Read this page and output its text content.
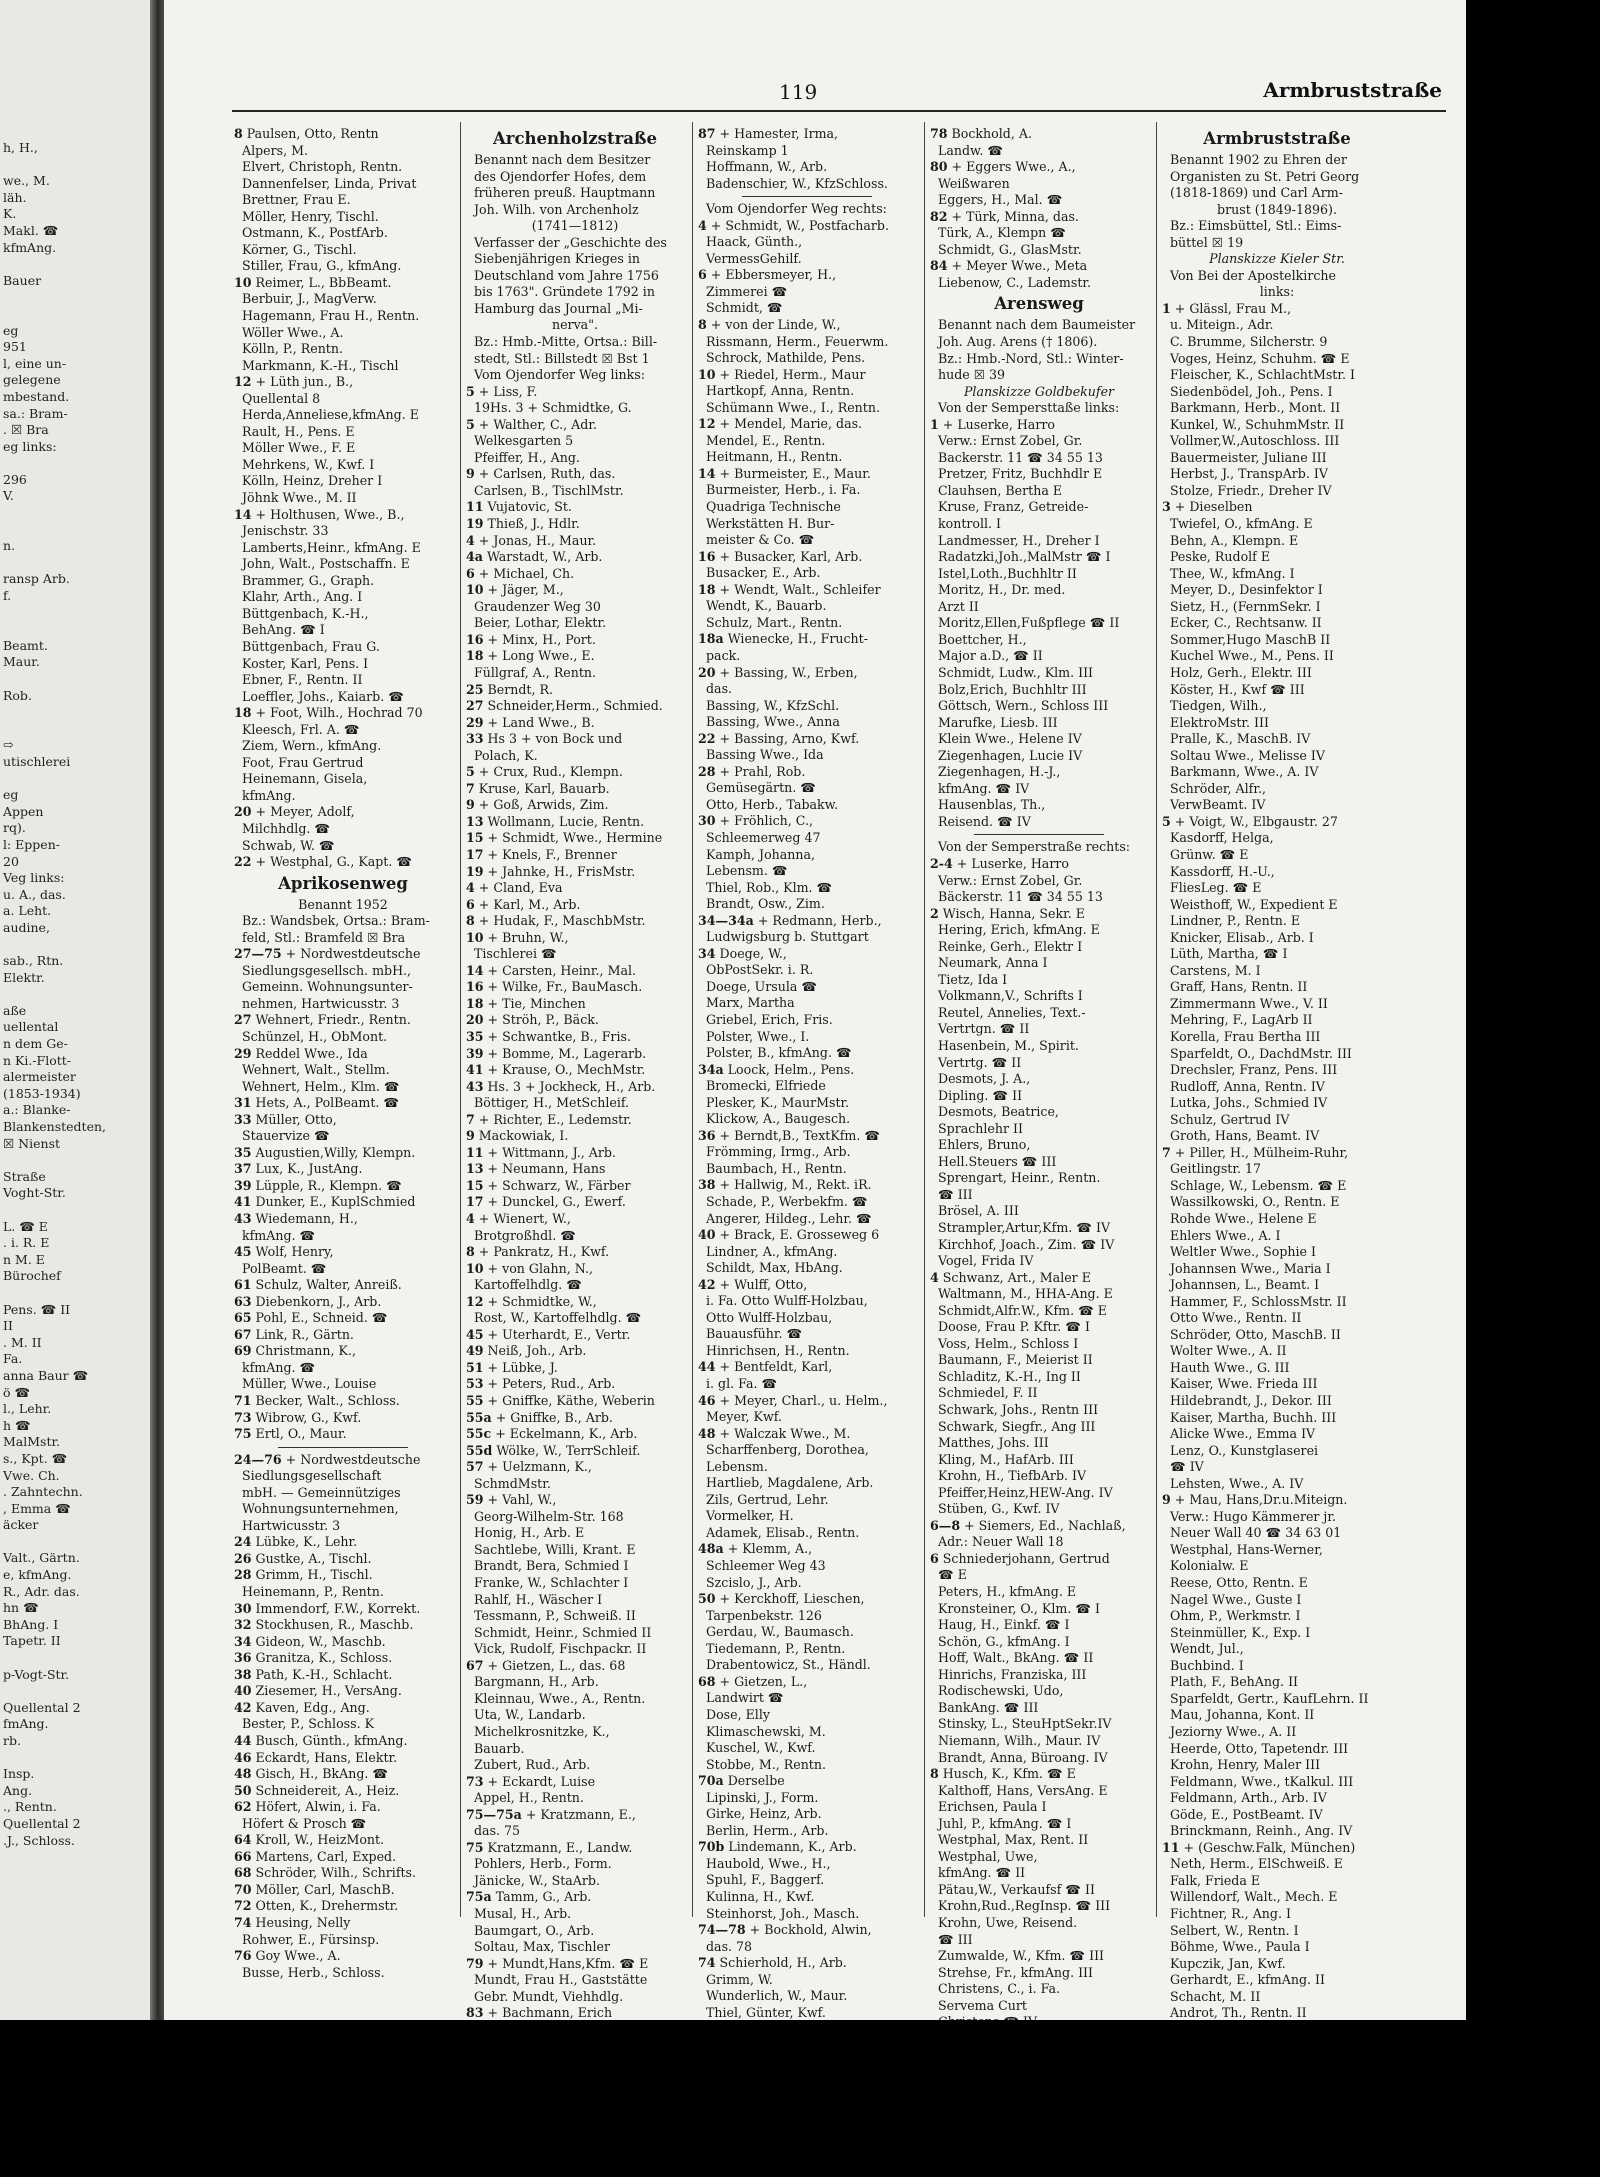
h, H.,

we., M.
läh.
K.
Makl. ☎
kfmAng.

Bauer

eg
951
l, eine un-
gelegene
mbestand.
sa.: Bram-
. ☒ Bra
eg links:

296
V.

n.

ransp Arb.
f.

Beamt.
Maur.

Rob.

⇨
utischlerei

eg
Appen
rq).
l: Eppen-
20
Veg links:
u. A., das.
a. Leht.
audine,

sab., Rtn.
Elektr.

aße
uellental
n dem Ge-
n Ki.-Flott-
alermeister
(1853-1934)
a.: Blanke-
Blankenstedten,
☒ Nienst

Straße
Voght-Str.

L. ☎ E
. i. R. E
n M. E
Bürochef

Pens. ☎ II
II
. M. II
Fa.
anna Baur ☎
ö ☎
l., Lehr.
h ☎
MalMstr.
s., Kpt. ☎
Vwe. Ch.
. Zahntechn.
, Emma ☎
äcker

Valt., Gärtn.
e, kfmAng.
R., Adr. das.
hn ☎
BhAng. I
Tapetr. II

p-Vogt-Str.

Quellental 2
fmAng.
rb.

Insp.
Ang.
., Rentn.
Quellental 2
.J., Schloss.
119	Armbruststraße
8 Paulsen, Otto, Rentn
Alpers, M.
Elvert, Christoph, Rentn.
Dannenfelser, Linda, Privat
Brettner, Frau E.
Möller, Henry, Tischl.
Ostmann, K., PostfArb.
Körner, G., Tischl.
Stiller, Frau, G., kfmAng.
10 Reimer, L., BbBeamt.
Berbuir, J., MagVerw.
Hagemann, Frau H., Rentn.
Wöller Wwe., A.
Kölln, P., Rentn.
Markmann, K.-H., Tischl
12 + Lüth jun., B.,
Quellental 8
Herda,Anneliese,kfmAng. E
Rault, H., Pens. E
Möller Wwe., F. E
Mehrkens, W., Kwf. I
Kölln, Heinz, Dreher I
Jöhnk Wwe., M. II
14 + Holthusen, Wwe., B.,
Jenischstr. 33
Lamberts,Heinr., kfmAng. E
John, Walt., Postschaffn. E
Brammer, G., Graph.
Klahr, Arth., Ang. I
Büttgenbach, K.-H.,
BehAng. ☎ I
Büttgenbach, Frau G.
Koster, Karl, Pens. I
Ebner, F., Rentn. II
Loeffler, Johs., Kaiarb. ☎
18 + Foot, Wilh., Hochrad 70
Kleesch, Frl. A. ☎
Ziem, Wern., kfmAng.
Foot, Frau Gertrud
Heinemann, Gisela,
kfmAng.
20 + Meyer, Adolf,
Milchhdlg. ☎
Schwab, W. ☎
22 + Westphal, G., Kapt. ☎
Aprikosenweg
Benannt 1952
Bz.: Wandsbek, Ortsa.: Bram-
feld, Stl.: Bramfeld ☒ Bra
27—75 + Nordwestdeutsche
Siedlungsgesellsch. mbH.,
Gemeinn. Wohnungsunter-
nehmen, Hartwicusstr. 3
27 Wehnert, Friedr., Rentn.
Schünzel, H., ObMont.
29 Reddel Wwe., Ida
Wehnert, Walt., Stellm.
Wehnert, Helm., Klm. ☎
31 Hets, A., PolBeamt. ☎
33 Müller, Otto,
Stauervize ☎
35 Augustien,Willy, Klempn.
37 Lux, K., JustAng.
39 Lüpple, R., Klempn. ☎
41 Dunker, E., KuplSchmied
43 Wiedemann, H.,
kfmAng. ☎
45 Wolf, Henry,
PolBeamt. ☎
61 Schulz, Walter, Anreiß.
63 Diebenkorn, J., Arb.
65 Pohl, E., Schneid. ☎
67 Link, R., Gärtn.
69 Christmann, K.,
kfmAng. ☎
Müller, Wwe., Louise
71 Becker, Walt., Schloss.
73 Wibrow, G., Kwf.
75 Ertl, O., Maur.
24—76 + Nordwestdeutsche
Siedlungsgesellschaft
mbH. — Gemeinnütziges
Wohnungsunternehmen,
Hartwicusstr. 3
24 Lübke, K., Lehr.
26 Gustke, A., Tischl.
28 Grimm, H., Tischl.
Heinemann, P., Rentn.
30 Immendorf, F.W., Korrekt.
32 Stockhusen, R., Maschb.
34 Gideon, W., Maschb.
36 Granitza, K., Schloss.
38 Path, K.-H., Schlacht.
40 Ziesemer, H., VersAng.
42 Kaven, Edg., Ang.
Bester, P., Schloss. K
44 Busch, Günth., kfmAng.
46 Eckardt, Hans, Elektr.
48 Gisch, H., BkAng. ☎
50 Schneidereit, A., Heiz.
62 Höfert, Alwin, i. Fa.
Höfert & Prosch ☎
64 Kroll, W., HeizMont.
66 Martens, Carl, Exped.
68 Schröder, Wilh., Schrifts.
70 Möller, Carl, MaschB.
72 Otten, K., Drehermstr.
74 Heusing, Nelly
Rohwer, E., Fürsinsp.
76 Goy Wwe., A.
Busse, Herb., Schloss.
Archenholzstraße
Benannt nach dem Besitzer
des Ojendorfer Hofes, dem
früheren preuß. Hauptmann
Joh. Wilh. von Archenholz
(1741—1812)
Verfasser der „Geschichte des
Siebenjährigen Krieges in
Deutschland vom Jahre 1756
bis 1763". Gründete 1792 in
Hamburg das Journal „Mi-
nerva".
Bz.: Hmb.-Mitte, Ortsa.: Bill-
stedt, Stl.: Billstedt ☒ Bst 1
Vom Ojendorfer Weg links:
5 + Liss, F.
19Hs. 3 + Schmidtke, G.
5 + Walther, C., Adr.
Welkesgarten 5
Pfeiffer, H., Ang.
9 + Carlsen, Ruth, das.
Carlsen, B., TischlMstr.
11 Vujatovic, St.
19 Thieß, J., Hdlr.
4 + Jonas, H., Maur.
4a Warstadt, W., Arb.
6 + Michael, Ch.
10 + Jäger, M.,
Graudenzer Weg 30
Beier, Lothar, Elektr.
16 + Minx, H., Port.
18 + Long Wwe., E.
Füllgraf, A., Rentn.
25 Berndt, R.
27 Schneider,Herm., Schmied.
29 + Land Wwe., B.
33 Hs 3 + von Bock und
Polach, K.
5 + Crux, Rud., Klempn.
7 Kruse, Karl, Bauarb.
9 + Goß, Arwids, Zim.
13 Wollmann, Lucie, Rentn.
15 + Schmidt, Wwe., Hermine
17 + Knels, F., Brenner
19 + Jahnke, H., FrisMstr.
4 + Cland, Eva
6 + Karl, M., Arb.
8 + Hudak, F., MaschbMstr.
10 + Bruhn, W.,
Tischlerei ☎
14 + Carsten, Heinr., Mal.
16 + Wilke, Fr., BauMasch.
18 + Tie, Minchen
20 + Ströh, P., Bäck.
35 + Schwantke, B., Fris.
39 + Bomme, M., Lagerarb.
41 + Krause, O., MechMstr.
43 Hs. 3 + Jockheck, H., Arb.
Böttiger, H., MetSchleif.
7 + Richter, E., Ledemstr.
9 Mackowiak, I.
11 + Wittmann, J., Arb.
13 + Neumann, Hans
15 + Schwarz, W., Färber
17 + Dunckel, G., Ewerf.
4 + Wienert, W.,
Brotgroßhdl. ☎
8 + Pankratz, H., Kwf.
10 + von Glahn, N.,
Kartoffelhdlg. ☎
12 + Schmidtke, W.,
Rost, W., Kartoffelhdlg. ☎
45 + Uterhardt, E., Vertr.
49 Neiß, Joh., Arb.
51 + Lübke, J.
53 + Peters, Rud., Arb.
55 + Gniffke, Käthe, Weberin
55a + Gniffke, B., Arb.
55c + Eckelmann, K., Arb.
55d Wölke, W., TerrSchleif.
57 + Uelzmann, K.,
SchmdMstr.
59 + Vahl, W.,
Georg-Wilhelm-Str. 168
Honig, H., Arb. E
Sachtlebe, Willi, Krant. E
Brandt, Bera, Schmied I
Franke, W., Schlachter I
Rahlf, H., Wäscher I
Tessmann, P., Schweiß. II
Schmidt, Heinr., Schmied II
Vick, Rudolf, Fischpackr. II
67 + Gietzen, L., das. 68
Bargmann, H., Arb.
Kleinnau, Wwe., A., Rentn.
Uta, W., Landarb.
Michelkrosnitzke, K.,
Bauarb.
Zubert, Rud., Arb.
73 + Eckardt, Luise
Appel, H., Rentn.
75—75a + Kratzmann, E.,
das. 75
75 Kratzmann, E., Landw.
Pohlers, Herb., Form.
Jänicke, W., StaArb.
75a Tamm, G., Arb.
Musal, H., Arb.
Baumgart, O., Arb.
Soltau, Max, Tischler
79 + Mundt,Hans,Kfm. ☎ E
Mundt, Frau H., Gaststätte
Gebr. Mundt, Viehhdlg.
83 + Bachmann, Erich
87 + Hamester, Irma,
Reinskamp 1
Hoffmann, W., Arb.
Badenschier, W., KfzSchloss.
Vom Ojendorfer Weg rechts:
4 + Schmidt, W., Postfacharb.
Haack, Günth.,
VermessGehilf.
6 + Ebbersmeyer, H.,
Zimmerei ☎
Schmidt, ☎
8 + von der Linde, W.,
Rissmann, Herm., Feuerwm.
Schrock, Mathilde, Pens.
10 + Riedel, Herm., Maur
Hartkopf, Anna, Rentn.
Schümann Wwe., I., Rentn.
12 + Mendel, Marie, das.
Mendel, E., Rentn.
Heitmann, H., Rentn.
14 + Burmeister, E., Maur.
Burmeister, Herb., i. Fa.
Quadriga Technische
Werkstätten H. Bur-
meister & Co. ☎
16 + Busacker, Karl, Arb.
Busacker, E., Arb.
18 + Wendt, Walt., Schleifer
Wendt, K., Bauarb.
Schulz, Mart., Rentn.
18a Wienecke, H., Frucht-
pack.
20 + Bassing, W., Erben,
das.
Bassing, W., KfzSchl.
Bassing, Wwe., Anna
22 + Bassing, Arno, Kwf.
Bassing Wwe., Ida
28 + Prahl, Rob.
Gemüsegärtn. ☎
Otto, Herb., Tabakw.
30 + Fröhlich, C.,
Schleemerweg 47
Kamph, Johanna,
Lebensm. ☎
Thiel, Rob., Klm. ☎
Brandt, Osw., Zim.
34—34a + Redmann, Herb.,
Ludwigsburg b. Stuttgart
34 Doege, W.,
ObPostSekr. i. R.
Doege, Ursula ☎
Marx, Martha
Griebel, Erich, Fris.
Polster, Wwe., I.
Polster, B., kfmAng. ☎
34a Loock, Helm., Pens.
Bromecki, Elfriede
Plesker, K., MaurMstr.
Klickow, A., Baugesch.
36 + Berndt,B., TextKfm. ☎
Frömming, Irmg., Arb.
Baumbach, H., Rentn.
38 + Hallwig, M., Rekt. iR.
Schade, P., Werbekfm. ☎
Angerer, Hildeg., Lehr. ☎
40 + Brack, E. Grosseweg 6
Lindner, A., kfmAng.
Schildt, Max, HbAng.
42 + Wulff, Otto,
i. Fa. Otto Wulff-Holzbau,
Otto Wulff-Holzbau,
Bauausführ. ☎
Hinrichsen, H., Rentn.
44 + Bentfeldt, Karl,
i. gl. Fa. ☎
46 + Meyer, Charl., u. Helm.,
Meyer, Kwf.
48 + Walczak Wwe., M.
Scharffenberg, Dorothea,
Lebensm.
Hartlieb, Magdalene, Arb.
Zils, Gertrud, Lehr.
Vormelker, H.
Adamek, Elisab., Rentn.
48a + Klemm, A.,
Schleemer Weg 43
Szcislo, J., Arb.
50 + Kerckhoff, Lieschen,
Tarpenbekstr. 126
Gerdau, W., Baumasch.
Tiedemann, P., Rentn.
Drabentowicz, St., Händl.
68 + Gietzen, L.,
Landwirt ☎
Dose, Elly
Klimaschewski, M.
Kuschel, W., Kwf.
Stobbe, M., Rentn.
70a Derselbe
Lipinski, J., Form.
Girke, Heinz, Arb.
Berlin, Herm., Arb.
70b Lindemann, K., Arb.
Haubold, Wwe., H.,
Spuhl, F., Baggerf.
Kulinna, H., Kwf.
Steinhorst, Joh., Masch.
74—78 + Bockhold, Alwin,
das. 78
74 Schierhold, H., Arb.
Grimm, W.
Wunderlich, W., Maur.
Thiel, Günter, Kwf.
78 Bockhold, A.
Landw. ☎
80 + Eggers Wwe., A.,
Weißwaren
Eggers, H., Mal. ☎
82 + Türk, Minna, das.
Türk, A., Klempn ☎
Schmidt, G., GlasMstr.
84 + Meyer Wwe., Meta
Liebenow, C., Lademstr.
Arensweg
Benannt nach dem Baumeister
Joh. Aug. Arens († 1806).
Bz.: Hmb.-Nord, Stl.: Winter-
hude ☒ 39
Planskizze Goldbekufer
Von der Sempersttaße links:
1 + Luserke, Harro
Verw.: Ernst Zobel, Gr.
Backerstr. 11 ☎ 34 55 13
Pretzer, Fritz, Buchhdlr E
Clauhsen, Bertha E
Kruse, Franz, Getreide-
kontroll. I
Landmesser, H., Dreher I
Radatzki,Joh.,MalMstr ☎ I
Istel,Loth.,Buchhltr II
Moritz, H., Dr. med.
Arzt II
Moritz,Ellen,Fußpflege ☎ II
Boettcher, H.,
Major a.D., ☎ II
Schmidt, Ludw., Klm. III
Bolz,Erich, Buchhltr III
Göttsch, Wern., Schloss III
Marufke, Liesb. III
Klein Wwe., Helene IV
Ziegenhagen, Lucie IV
Ziegenhagen, H.-J.,
kfmAng. ☎ IV
Hausenblas, Th.,
Reisend. ☎ IV
Von der Semperstraße rechts:
2-4 + Luserke, Harro
Verw.: Ernst Zobel, Gr.
Bäckerstr. 11 ☎ 34 55 13
2 Wisch, Hanna, Sekr. E
Hering, Erich, kfmAng. E
Reinke, Gerh., Elektr I
Neumark, Anna I
Tietz, Ida I
Volkmann,V., Schrifts I
Reutel, Annelies, Text.-
Vertrtgn. ☎ II
Hasenbein, M., Spirit.
Vertrtg. ☎ II
Desmots, J. A.,
Dipling. ☎ II
Desmots, Beatrice,
Sprachlehr II
Ehlers, Bruno,
Hell.Steuers ☎ III
Sprengart, Heinr., Rentn.
☎ III
Brösel, A. III
Strampler,Artur,Kfm. ☎ IV
Kirchhof, Joach., Zim. ☎ IV
Vogel, Frida IV
4 Schwanz, Art., Maler E
Waltmann, M., HHA-Ang. E
Schmidt,Alfr.W., Kfm. ☎ E
Doose, Frau P. Kftr. ☎ I
Voss, Helm., Schloss I
Baumann, F., Meierist II
Schladitz, K.-H., Ing II
Schmiedel, F. II
Schwark, Johs., Rentn III
Schwark, Siegfr., Ang III
Matthes, Johs. III
Kling, M., HafArb. III
Krohn, H., TiefbArb. IV
Pfeiffer,Heinz,HEW-Ang. IV
Stüben, G., Kwf. IV
6—8 + Siemers, Ed., Nachlaß,
Adr.: Neuer Wall 18
6 Schniederjohann, Gertrud
☎ E
Peters, H., kfmAng. E
Kronsteiner, O., Klm. ☎ I
Haug, H., Einkf. ☎ I
Schön, G., kfmAng. I
Hoff, Walt., BkAng. ☎ II
Hinrichs, Franziska, III
Rodischewski, Udo,
BankAng. ☎ III
Stinsky, L., SteuHptSekr.IV
Niemann, Wilh., Maur. IV
Brandt, Anna, Büroang. IV
8 Husch, K., Kfm. ☎ E
Kalthoff, Hans, VersAng. E
Erichsen, Paula I
Juhl, P., kfmAng. ☎ I
Westphal, Max, Rent. II
Westphal, Uwe,
kfmAng. ☎ II
Pätau,W., Verkaufsf ☎ II
Krohn,Rud.,RegInsp. ☎ III
Krohn, Uwe, Reisend.
☎ III
Zumwalde, W., Kfm. ☎ III
Strehse, Fr., kfmAng. III
Christens, C., i. Fa.
Servema Curt
Armbruststraße
Benannt 1902 zu Ehren der
Organisten zu St. Petri Georg
(1818-1869) und Carl Arm-
brust (1849-1896).
Bz.: Eimsbüttel, Stl.: Eims-
büttel ☒ 19
Planskizze Kieler Str.
Von Bei der Apostelkirche
links:
1 + Glässl, Frau M.,
u. Miteign., Adr.
C. Brumme, Silcherstr. 9
Voges, Heinz, Schuhm. ☎ E
Fleischer, K., SchlachtMstr. I
Siedenbödel, Joh., Pens. I
Barkmann, Herb., Mont. II
Kunkel, W., SchuhmMstr. II
Vollmer,W.,Autoschloss. III
Bauermeister, Juliane III
Herbst, J., TranspArb. IV
Stolze, Friedr., Dreher IV
3 + Dieselben
Twiefel, O., kfmAng. E
Behn, A., Klempn. E
Peske, Rudolf E
Thee, W., kfmAng. I
Meyer, D., Desinfektor I
Sietz, H., (FernmSekr. I
Ecker, C., Rechtsanw. II
Sommer,Hugo MaschB II
Kuchel Wwe., M., Pens. II
Holz, Gerh., Elektr. III
Köster, H., Kwf ☎ III
Tiedgen, Wilh.,
ElektroMstr. III
Pralle, K., MaschB. IV
Soltau Wwe., Melisse IV
Barkmann, Wwe., A. IV
Schröder, Alfr.,
VerwBeamt. IV
5 + Voigt, W., Elbgaustr. 27
Kasdorff, Helga,
Grünw. ☎ E
Kassdorff, H.-U.,
FliesLeg. ☎ E
Weisthoff, W., Expedient E
Lindner, P., Rentn. E
Knicker, Elisab., Arb. I
Lüth, Martha, ☎ I
Carstens, M. I
Graff, Hans, Rentn. II
Zimmermann Wwe., V. II
Mehring, F., LagArb II
Korella, Frau Bertha III
Sparfeldt, O., DachdMstr. III
Drechsler, Franz, Pens. III
Rudloff, Anna, Rentn. IV
Lutka, Johs., Schmied IV
Schulz, Gertrud IV
Groth, Hans, Beamt. IV
7 + Piller, H., Mülheim-Ruhr,
Geitlingstr. 17
Schlage, W., Lebensm. ☎ E
Wassilkowski, O., Rentn. E
Rohde Wwe., Helene E
Ehlers Wwe., A. I
Weltler Wwe., Sophie I
Johannsen Wwe., Maria I
Johannsen, L., Beamt. I
Hammer, F., SchlossMstr. II
Otto Wwe., Rentn. II
Schröder, Otto, MaschB. II
Wolter Wwe., A. II
Hauth Wwe., G. III
Kaiser, Wwe. Frieda III
Hildebrandt, J., Dekor. III
Kaiser, Martha, Buchh. III
Alicke Wwe., Emma IV
Lenz, O., Kunstglaserei
☎ IV
Lehsten, Wwe., A. IV
9 + Mau, Hans,Dr.u.Miteign.
Verw.: Hugo Kämmerer jr.
Neuer Wall 40 ☎ 34 63 01
Westphal, Hans-Werner,
Kolonialw. E
Reese, Otto, Rentn. E
Nagel Wwe., Guste I
Ohm, P., Werkmstr. I
Steinmüller, K., Exp. I
Wendt, Jul.,
Buchbind. I
Plath, F., BehAng. II
Sparfeldt, Gertr., KaufLehrn. II
Mau, Johanna, Kont. II
Jeziorny Wwe., A. II
Heerde, Otto, Tapetendr. III
Krohn, Henry, Maler III
Feldmann, Wwe., tKalkul. III
Feldmann, Arth., Arb. IV
Göde, E., PostBeamt. IV
Brinckmann, Reinh., Ang. IV
11 + (Geschw.Falk, München)
Neth, Herm., ElSchweiß. E
Falk, Frieda E
Willendorf, Walt., Mech. E
Fichtner, R., Ang. I
Selbert, W., Rentn. I
Böhme, Wwe., Paula I
Kupczik, Jan, Kwf.
Gerhardt, E., kfmAng. II
Schacht, M. II
Androt, Th., Rentn. II
